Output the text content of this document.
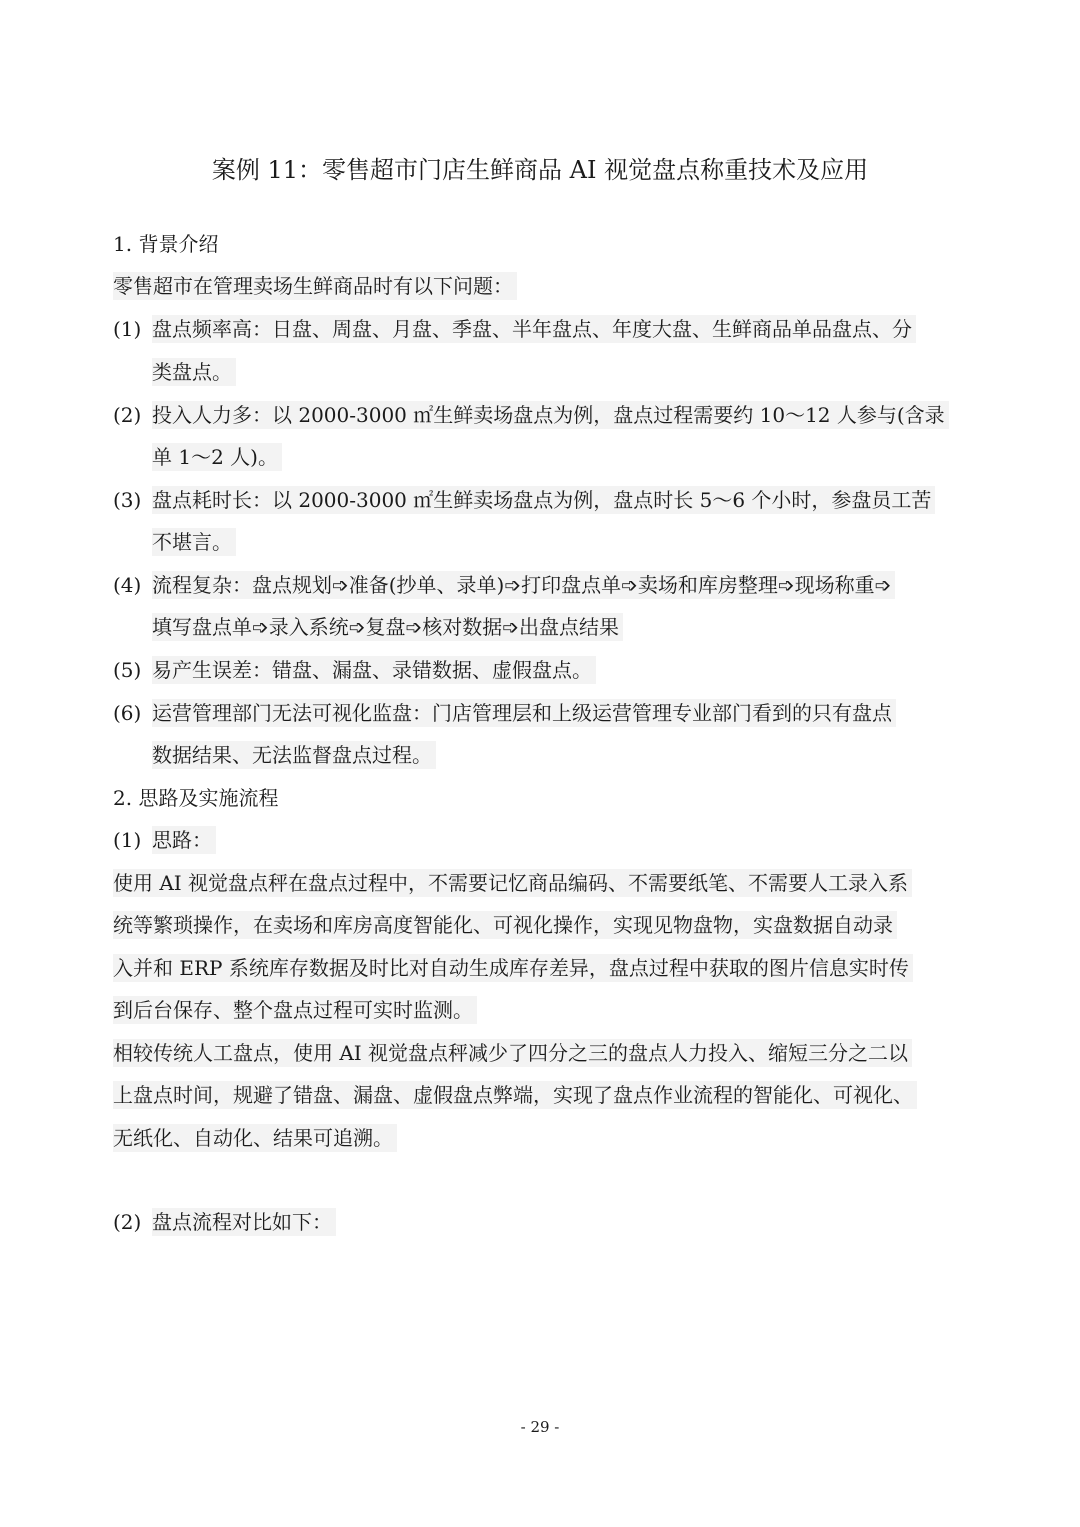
案例 11：零售超市门店生鲜商品 AI 视觉盘点称重技术及应用
1. 背景介绍
零售超市在管理卖场生鲜商品时有以下问题：
(1) 盘点频率高：日盘、周盘、月盘、季盘、半年盘点、年度大盘、生鲜商品单品盘点、分
类盘点。
(2) 投入人力多：以 2000-3000 ㎡生鲜卖场盘点为例，盘点过程需要约 10～12 人参与(含录
单 1～2 人)。
(3) 盘点耗时长：以 2000-3000 ㎡生鲜卖场盘点为例，盘点时长 5～6 个小时，参盘员工苦
不堪言。
(4) 流程复杂：盘点规划➩准备(抄单、录单)➩打印盘点单➩卖场和库房整理➩现场称重➩
填写盘点单➩录入系统➩复盘➩核对数据➩出盘点结果
(5) 易产生误差：错盘、漏盘、录错数据、虚假盘点。
(6) 运营管理部门无法可视化监盘：门店管理层和上级运营管理专业部门看到的只有盘点
数据结果、无法监督盘点过程。
2. 思路及实施流程
(1) 思路：
使用 AI 视觉盘点秤在盘点过程中，不需要记忆商品编码、不需要纸笔、不需要人工录入系
统等繁琐操作，在卖场和库房高度智能化、可视化操作，实现见物盘物，实盘数据自动录
入并和 ERP 系统库存数据及时比对自动生成库存差异，盘点过程中获取的图片信息实时传
到后台保存、整个盘点过程可实时监测。
相较传统人工盘点，使用 AI 视觉盘点秤减少了四分之三的盘点人力投入、缩短三分之二以
上盘点时间，规避了错盘、漏盘、虚假盘点弊端，实现了盘点作业流程的智能化、可视化、
无纸化、自动化、结果可追溯。
(2) 盘点流程对比如下：
- 29 -
